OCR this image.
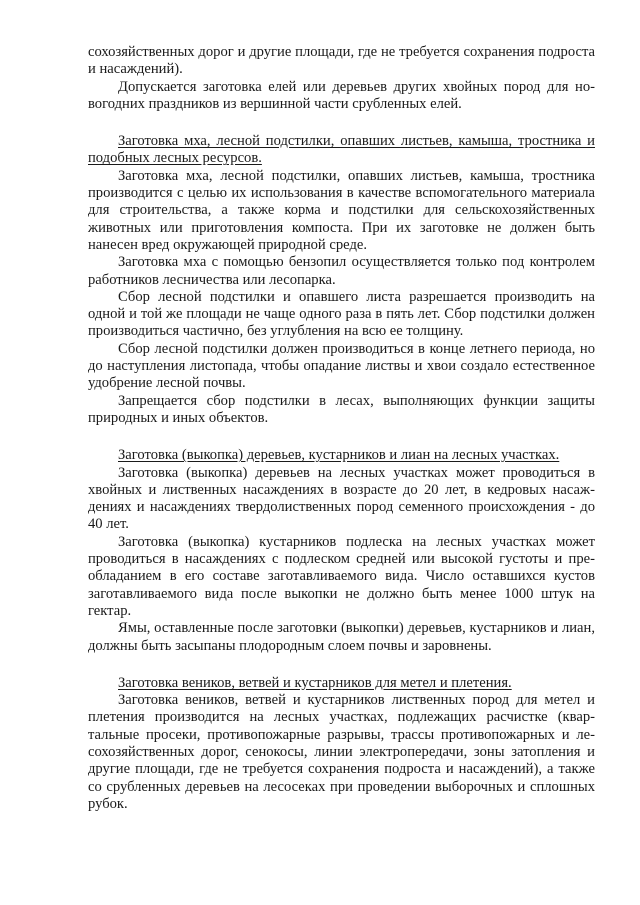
сохозяйственных дорог и другие площади, где не требуется сохранения подроста и насаждений).

Допускается заготовка елей или деревьев других хвойных пород для новогодних праздников из вершинной части срубленных елей.

Заготовка мха, лесной подстилки, опавших листьев, камыша, тростника и подобных лесных ресурсов.

Заготовка мха, лесной подстилки, опавших листьев, камыша, тростника производится с целью их использования в качестве вспомогательного материала для строительства, а также корма и подстилки для сельскохозяйственных животных или приготовления компоста. При их заготовке не должен быть нанесен вред окружающей природной среде.

Заготовка мха с помощью бензопил осуществляется только под контролем работников лесничества или лесопарка.

Сбор лесной подстилки и опавшего листа разрешается производить на одной и той же площади не чаще одного раза в пять лет. Сбор подстилки должен производиться частично, без углубления на всю ее толщину.

Сбор лесной подстилки должен производиться в конце летнего периода, но до наступления листопада, чтобы опадание листвы и хвои создало естественное удобрение лесной почвы.

Запрещается сбор подстилки в лесах, выполняющих функции защиты природных и иных объектов.

Заготовка (выкопка) деревьев, кустарников и лиан на лесных участках.

Заготовка (выкопка) деревьев на лесных участках может проводиться в хвойных и лиственных насаждениях в возрасте до 20 лет, в кедровых насаждениях и насаждениях твердолиственных пород семенного происхождения - до 40 лет.

Заготовка (выкопка) кустарников подлеска на лесных участках может проводиться в насаждениях с подлеском средней или высокой густоты и преобладанием в его составе заготавливаемого вида. Число оставшихся кустов заготавливаемого вида после выкопки не должно быть менее 1000 штук на гектар.

Ямы, оставленные после заготовки (выкопки) деревьев, кустарников и лиан, должны быть засыпаны плодородным слоем почвы и заровнены.

Заготовка веников, ветвей и кустарников для метел и плетения.

Заготовка веников, ветвей и кустарников лиственных пород для метел и плетения производится на лесных участках, подлежащих расчистке (квартальные просеки, противопожарные разрывы, трассы противопожарных и лесохозяйственных дорог, сенокосы, линии электропередачи, зоны затопления и другие площади, где не требуется сохранения подроста и насаждений), а также со срубленных деревьев на лесосеках при проведении выборочных и сплошных рубок.
